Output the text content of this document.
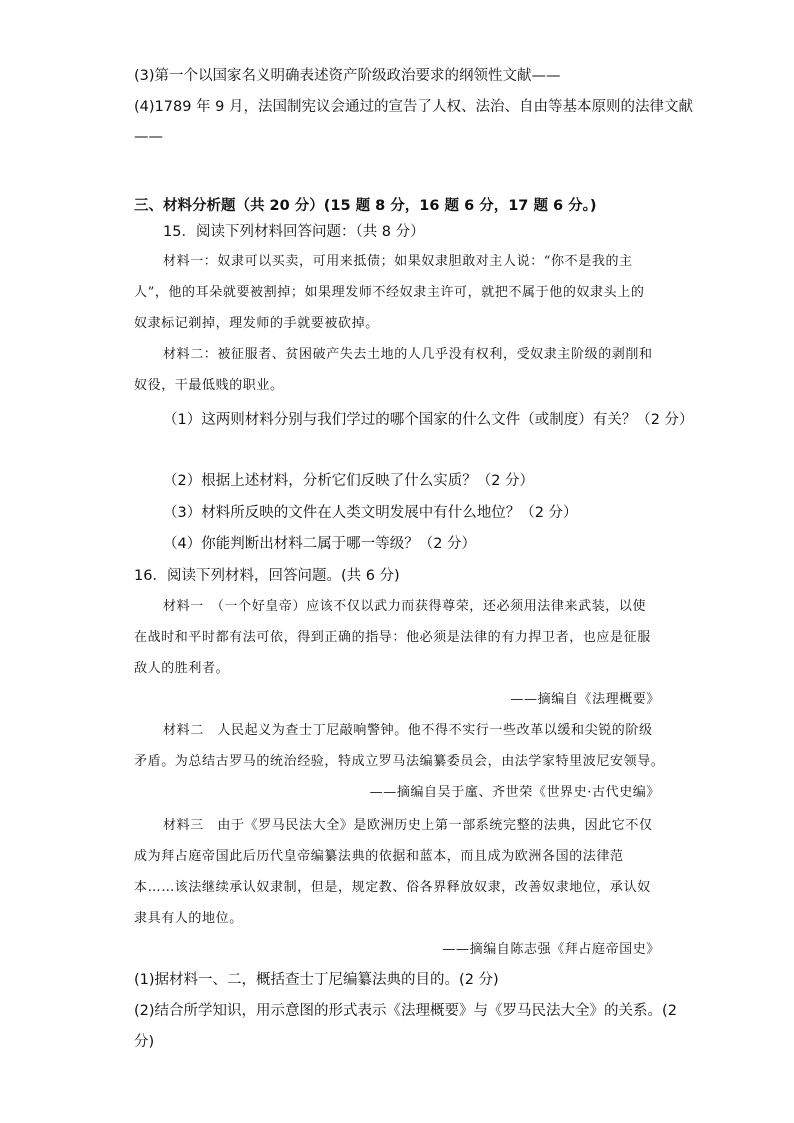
(3)第一个以国家名义明确表述资产阶级政治要求的纲领性文献——
(4)1789 年 9 月，法国制宪议会通过的宣告了人权、法治、自由等基本原则的法律文献
——
三、材料分析题（共 20 分）(15 题 8 分，16 题 6 分，17 题 6 分。)
15．阅读下列材料回答问题：（共 8 分）
材料一：奴隶可以买卖，可用来抵债；如果奴隶胆敢对主人说：“你不是我的主
人”，他的耳朵就要被割掉；如果理发师不经奴隶主许可，就把不属于他的奴隶头上的
奴隶标记剃掉，理发师的手就要被砍掉。
材料二：被征服者、贫困破产失去土地的人几乎没有权利，受奴隶主阶级的剥削和
奴役，干最低贱的职业。
（1）这两则材料分别与我们学过的哪个国家的什么文件（或制度）有关？（2 分）
（2）根据上述材料，分析它们反映了什么实质？（2 分）
（3）材料所反映的文件在人类文明发展中有什么地位？（2 分）
（4）你能判断出材料二属于哪一等级？（2 分）
16．阅读下列材料，回答问题。(共 6 分)
材料一　（一个好皇帝）应该不仅以武力而获得尊荣，还必须用法律来武装，以使
在战时和平时都有法可依，得到正确的指导：他必须是法律的有力捍卫者，也应是征服
敌人的胜利者。
——摘编自《法理概要》
材料二　人民起义为查士丁尼敲响警钟。他不得不实行一些改革以缓和尖锐的阶级
矛盾。为总结古罗马的统治经验，特成立罗马法编纂委员会，由法学家特里波尼安领导。
——摘编自吴于廑、齐世荣《世界史·古代史编》
材料三　由于《罗马民法大全》是欧洲历史上第一部系统完整的法典，因此它不仅
成为拜占庭帝国此后历代皇帝编纂法典的依据和蓝本，而且成为欧洲各国的法律范
本……该法继续承认奴隶制，但是，规定教、俗各界释放奴隶，改善奴隶地位，承认奴
隶具有人的地位。
——摘编自陈志强《拜占庭帝国史》
(1)据材料一、二，概括查士丁尼编纂法典的目的。(2 分)
(2)结合所学知识，用示意图的形式表示《法理概要》与《罗马民法大全》的关系。(2
分)
